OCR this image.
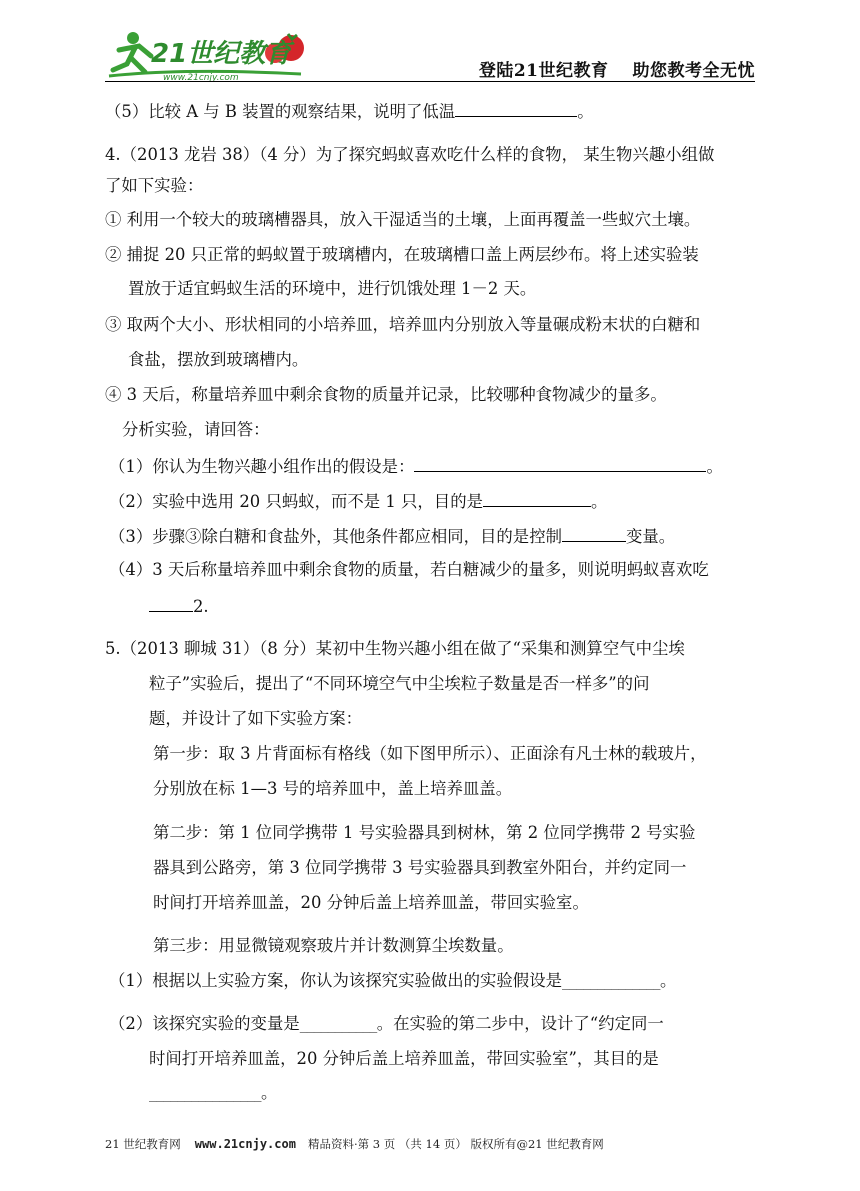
21世纪教育
www.21cnjy.com	登陆21世纪教育 助您教考全无忧
（5）比较 A 与 B 装置的观察结果，说明了低温	。
4.（2013 龙岩 38）（4 分）为了探究蚂蚁喜欢吃什么样的食物， 某生物兴趣小组做
了如下实验：
① 利用一个较大的玻璃槽器具，放入干湿适当的土壤，上面再覆盖一些蚁穴土壤。
② 捕捉 20 只正常的蚂蚁置于玻璃槽内，在玻璃槽口盖上两层纱布。将上述实验装
置放于适宜蚂蚁生活的环境中，进行饥饿处理 1－2 天。
③ 取两个大小、形状相同的小培养皿，培养皿内分别放入等量碾成粉末状的白糖和
食盐，摆放到玻璃槽内。
④ 3 天后，称量培养皿中剩余食物的质量并记录，比较哪种食物减少的量多。
分析实验，请回答：
（1）你认为生物兴趣小组作出的假设是：	。
（2）实验中选用 20 只蚂蚁，而不是 1 只，目的是	。
（3）步骤③除白糖和食盐外，其他条件都应相同，目的是控制	变量。
（4）3 天后称量培养皿中剩余食物的质量，若白糖减少的量多，则说明蚂蚁喜欢吃
2.
5.（2013 聊城 31）（8 分）某初中生物兴趣小组在做了“采集和测算空气中尘埃
粒子”实验后，提出了“不同环境空气中尘埃粒子数量是否一样多”的问
题，并设计了如下实验方案：
第一步：取 3 片背面标有格线（如下图甲所示）、正面涂有凡士林的载玻片，
分别放在标 1—3 号的培养皿中，盖上培养皿盖。
第二步：第 1 位同学携带 1 号实验器具到树林，第 2 位同学携带 2 号实验
器具到公路旁，第 3 位同学携带 3 号实验器具到教室外阳台，并约定同一
时间打开培养皿盖，20 分钟后盖上培养皿盖，带回实验室。
第三步：用显微镜观察玻片并计数测算尘埃数量。
（1）根据以上实验方案，你认为该探究实验做出的实验假设是______________。
（2）该探究实验的变量是___________。在实验的第二步中，设计了“约定同一
时间打开培养皿盖，20 分钟后盖上培养皿盖，带回实验室”，其目的是
________________。
21 世纪教育网 www.21cnjy.com 精品资料·第 3 页 （共 14 页） 版权所有@21 世纪教育网
